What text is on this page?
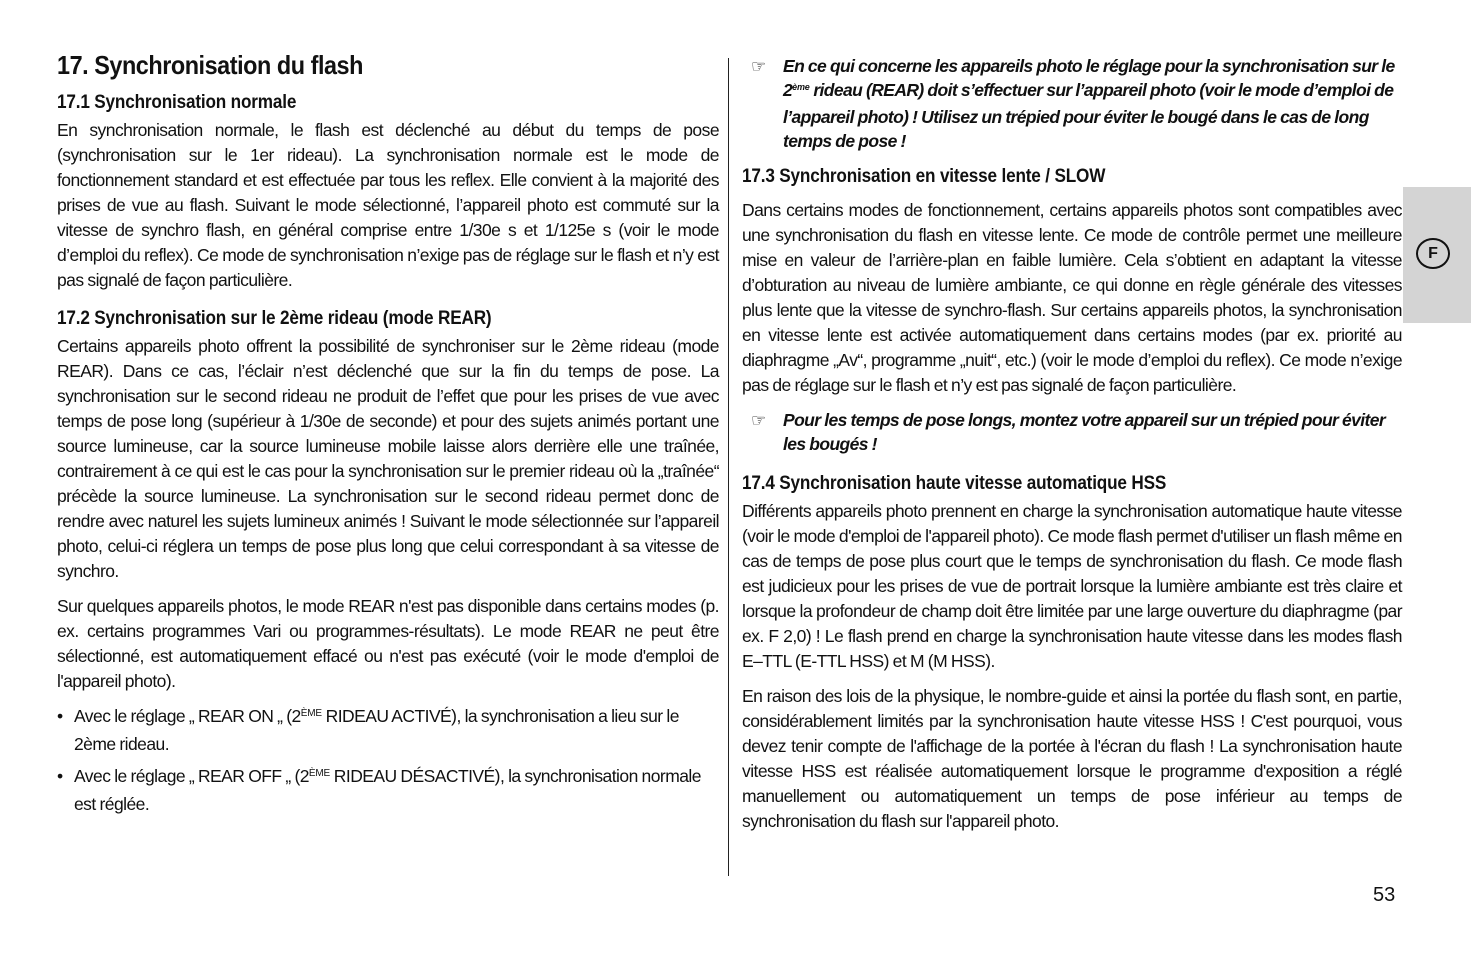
17. Synchronisation du flash
17.1 Synchronisation normale

En synchronisation normale, le flash est déclenché au début du temps de pose (synchronisation sur le 1er rideau). La synchronisation normale est le mode de fonctionnement standard et est effectuée par tous les reflex. Elle convient à la majorité des prises de vue au flash. Suivant le mode sélectionné, l’appareil photo est commuté sur la vitesse de synchro flash, en général comprise entre 1/30e s et 1/125e s (voir le mode d’emploi du reflex). Ce mode de synchronisation n’exige pas de réglage sur le flash et n’y est pas signalé de façon particulière.

17.2 Synchronisation sur le 2ème rideau (mode REAR)

Certains appareils photo offrent la possibilité de synchroniser sur le 2ème rideau (mode REAR). Dans ce cas, l’éclair n’est déclenché que sur la fin du temps de pose. La synchronisation sur le second rideau ne produit de l’effet que pour les prises de vue avec temps de pose long (supérieur à 1/30e de seconde) et pour des sujets animés portant une source lumineuse, car la source lumineuse mobile laisse alors derrière elle une traînée, contrairement à ce qui est le cas pour la synchronisation sur le premier rideau où la „traînée“ précède la source lumineuse. La synchronisation sur le second rideau permet donc de rendre avec naturel les sujets lumineux animés ! Suivant le mode sélectionnée sur l’appareil photo, celui-ci réglera un temps de pose plus long que celui correspondant à sa vitesse de synchro.

Sur quelques appareils photos, le mode REAR n'est pas disponible dans certains modes (p. ex. certains programmes Vari ou programmes-résultats). Le mode REAR ne peut être sélectionné, est automatiquement effacé ou n'est pas exécuté (voir le mode d'emploi de l'appareil photo).

• Avec le réglage „ REAR ON „ (2ÈME RIDEAU ACTIVÉ), la synchronisation a lieu sur le 2ème rideau.
• Avec le réglage „ REAR OFF „ (2ÈME RIDEAU DÉSACTIVÉ), la synchronisation normale est réglée.
☞ En ce qui concerne les appareils photo le réglage pour la synchronisation sur le 2ème rideau (REAR) doit s’effectuer sur l’appareil photo (voir le mode d’emploi de l’appareil photo) ! Utilisez un trépied pour éviter le bougé dans le cas de long temps de pose !
17.3 Synchronisation en vitesse lente / SLOW

Dans certains modes de fonctionnement, certains appareils photos sont compatibles avec une synchronisation du flash en vitesse lente. Ce mode de contrôle permet une meilleure mise en valeur de l’arrière-plan en faible lumière. Cela s’obtient en adaptant la vitesse d’obturation au niveau de lumière ambiante, ce qui donne en règle générale des vitesses plus lente que la vitesse de synchro-flash. Sur certains appareils photos, la synchronisation en vitesse lente est activée automatiquement dans certains modes (par ex. priorité au diaphragme „Av“, programme „nuit“, etc.) (voir le mode d’emploi du reflex). Ce mode n’exige pas de réglage sur le flash et n’y est pas signalé de façon particulière.

☞ Pour les temps de pose longs, montez votre appareil sur un trépied pour éviter les bougés !
17.4 Synchronisation haute vitesse automatique HSS

Différents appareils photo prennent en charge la synchronisation automatique haute vitesse (voir le mode d'emploi de l'appareil photo). Ce mode flash permet d'utiliser un flash même en cas de temps de pose plus court que le temps de synchronisation du flash. Ce mode flash est judicieux pour les prises de vue de portrait lorsque la lumière ambiante est très claire et lorsque la profondeur de champ doit être limitée par une large ouverture du diaphragme (par ex. F 2,0) ! Le flash prend en charge la synchronisation haute vitesse dans les modes flash E–TTL (E-TTL HSS) et M (M HSS).

En raison des lois de la physique, le nombre-guide et ainsi la portée du flash sont, en partie, considérablement limités par la synchronisation haute vitesse HSS ! C'est pourquoi, vous devez tenir compte de l'affichage de la portée à l'écran du flash ! La synchronisation haute vitesse HSS est réalisée automatiquement lorsque le programme d'exposition a réglé manuellement ou automatiquement un temps de pose inférieur au temps de synchronisation du flash sur l'appareil photo.

F
53
